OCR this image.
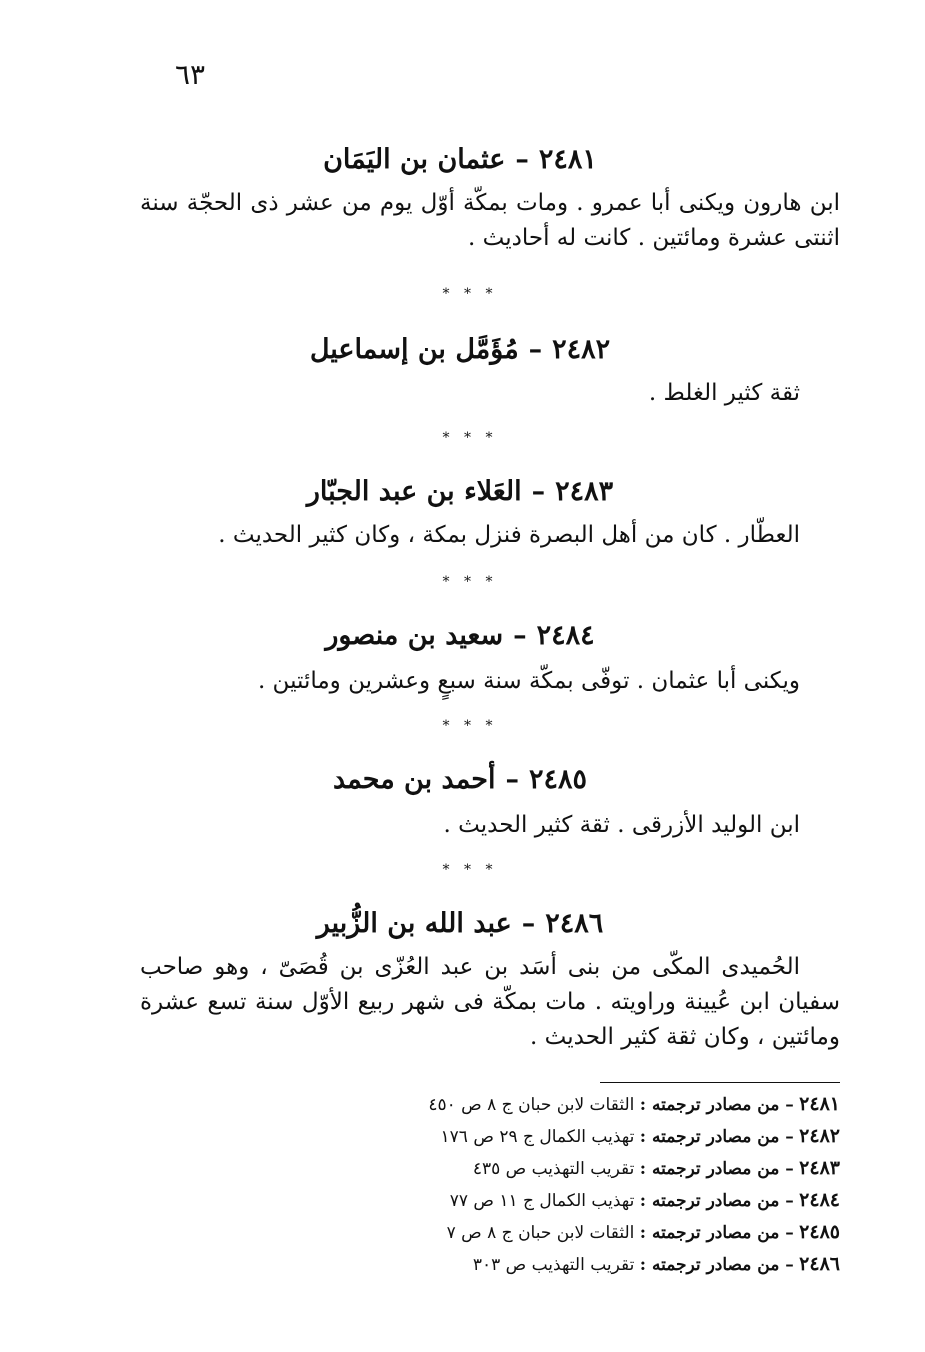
٦٣
٢٤٨١–عثمان بن اليَمَان
ابن هارون ويكنى أبا عمرو . ومات بمكّة أوّل يوم من عشر ذى الحجّة سنة اثنتى عشرة ومائتين . كانت له أحاديث .
* * *
٢٤٨٢–مُؤَمَّل بن إسماعيل
ثقة كثير الغلط .
* * *
٢٤٨٣–العَلاء بن عبد الجبّار
العطّار . كان من أهل البصرة فنزل بمكة ، وكان كثير الحديث .
* * *
٢٤٨٤–سعيد بن منصور
ويكنى أبا عثمان . توفّى بمكّة سنة سبعٍ وعشرين ومائتين .
* * *
٢٤٨٥–أحمد بن محمد
ابن الوليد الأزرقى . ثقة كثير الحديث .
* * *
٢٤٨٦–عبد الله بن الزُّبير
الحُميدى المكّى من بنى أسَد بن عبد العُزّى بن قُصَىّ ، وهو صاحب سفيان ابن عُيينة وراويته . مات بمكّة فى شهر ربيع الأوّل سنة تسع عشرة ومائتين ، وكان ثقة كثير الحديث .
٢٤٨١ – من مصادر ترجمته : الثقات لابن حبان ج ٨ ص ٤٥٠
٢٤٨٢ – من مصادر ترجمته : تهذيب الكمال ج ٢٩ ص ١٧٦
٢٤٨٣ – من مصادر ترجمته : تقريب التهذيب ص ٤٣٥
٢٤٨٤ – من مصادر ترجمته : تهذيب الكمال ج ١١ ص ٧٧
٢٤٨٥ – من مصادر ترجمته : الثقات لابن حبان ج ٨ ص ٧
٢٤٨٦ – من مصادر ترجمته : تقريب التهذيب ص ٣٠٣
